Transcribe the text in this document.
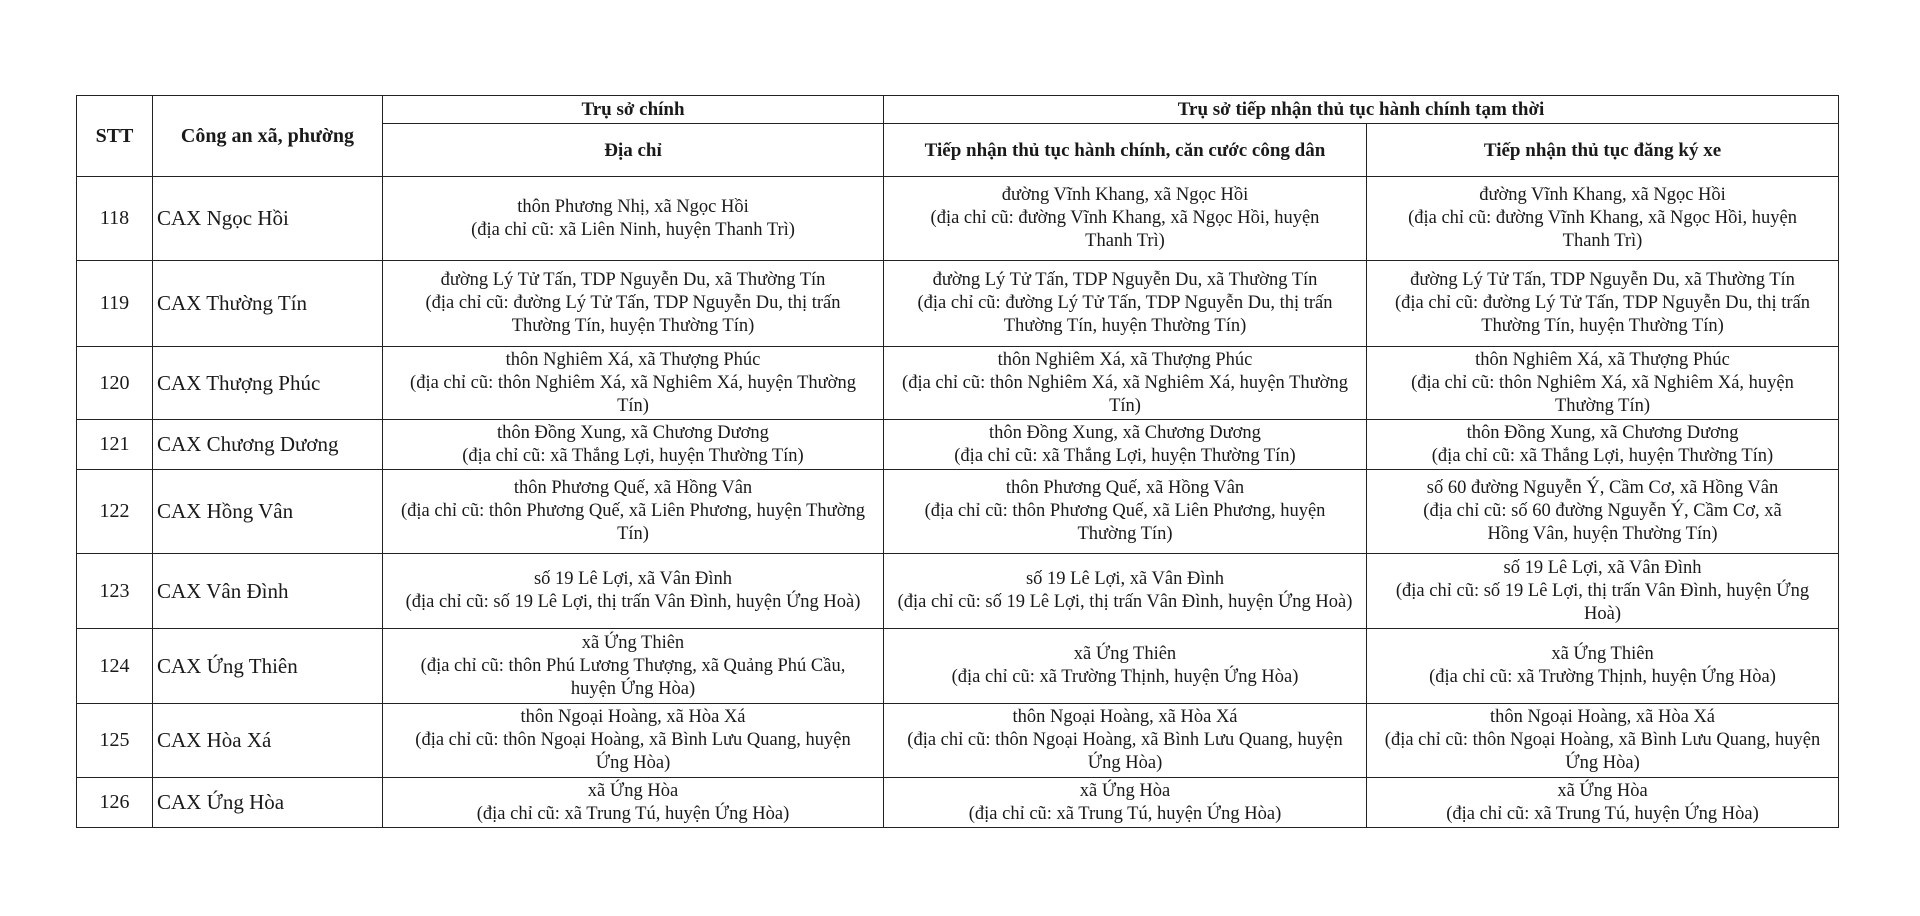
STT	Công an xã, phường	Trụ sở chính	Trụ sở tiếp nhận thủ tục hành chính tạm thời	
		Địa chỉ	Tiếp nhận thủ tục hành chính, căn cước công dân	Tiếp nhận thủ tục đăng ký xe
118	CAX Ngọc Hồi	thôn Phương Nhị, xã Ngọc Hồi
(địa chỉ cũ: xã Liên Ninh, huyện Thanh Trì)	đường Vĩnh Khang, xã Ngọc Hồi
(địa chỉ cũ: đường Vĩnh Khang, xã Ngọc Hồi, huyện
Thanh Trì)	đường Vĩnh Khang, xã Ngọc Hồi
(địa chỉ cũ: đường Vĩnh Khang, xã Ngọc Hồi, huyện
Thanh Trì)

119	CAX Thường Tín	đường Lý Tử Tấn, TDP Nguyễn Du, xã Thường Tín
(địa chỉ cũ: đường Lý Tử Tấn, TDP Nguyễn Du, thị trấn
Thường Tín, huyện Thường Tín)	đường Lý Tử Tấn, TDP Nguyễn Du, xã Thường Tín
(địa chỉ cũ: đường Lý Tử Tấn, TDP Nguyễn Du, thị trấn
Thường Tín, huyện Thường Tín)	đường Lý Tử Tấn, TDP Nguyễn Du, xã Thường Tín
(địa chỉ cũ: đường Lý Tử Tấn, TDP Nguyễn Du, thị trấn
Thường Tín, huyện Thường Tín)

120	CAX Thượng Phúc	thôn Nghiêm Xá, xã Thượng Phúc
(địa chỉ cũ: thôn Nghiêm Xá, xã Nghiêm Xá, huyện Thường
Tín)	thôn Nghiêm Xá, xã Thượng Phúc
(địa chỉ cũ: thôn Nghiêm Xá, xã Nghiêm Xá, huyện Thường
Tín)	thôn Nghiêm Xá, xã Thượng Phúc
(địa chỉ cũ: thôn Nghiêm Xá, xã Nghiêm Xá, huyện
Thường Tín)

121	CAX Chương Dương	thôn Đồng Xung, xã Chương Dương
(địa chỉ cũ: xã Thắng Lợi, huyện Thường Tín)	thôn Đồng Xung, xã Chương Dương
(địa chỉ cũ: xã Thắng Lợi, huyện Thường Tín)	thôn Đồng Xung, xã Chương Dương
(địa chỉ cũ: xã Thắng Lợi, huyện Thường Tín)

122	CAX Hồng Vân	thôn Phương Quế, xã Hồng Vân
(địa chỉ cũ: thôn Phương Quế, xã Liên Phương, huyện Thường
Tín)	thôn Phương Quế, xã Hồng Vân
(địa chỉ cũ: thôn Phương Quế, xã Liên Phương, huyện
Thường Tín)	số 60 đường Nguyễn Ý, Cầm Cơ, xã Hồng Vân
(địa chỉ cũ: số 60 đường Nguyễn Ý, Cầm Cơ, xã
Hồng Vân, huyện Thường Tín)

123	CAX Vân Đình	số 19 Lê Lợi, xã Vân Đình
(địa chỉ cũ: số 19 Lê Lợi, thị trấn Vân Đình, huyện Ứng Hoà)	số 19 Lê Lợi, xã Vân Đình
(địa chỉ cũ: số 19 Lê Lợi, thị trấn Vân Đình, huyện Ứng Hoà)	số 19 Lê Lợi, xã Vân Đình
(địa chỉ cũ: số 19 Lê Lợi, thị trấn Vân Đình, huyện Ứng
Hoà)

124	CAX Ứng Thiên	xã Ứng Thiên
(địa chỉ cũ: thôn Phú Lương Thượng, xã Quảng Phú Cầu,
huyện Ứng Hòa)	xã Ứng Thiên
(địa chỉ cũ: xã Trường Thịnh, huyện Ứng Hòa)	xã Ứng Thiên
(địa chỉ cũ: xã Trường Thịnh, huyện Ứng Hòa)

125	CAX Hòa Xá	thôn Ngoại Hoàng, xã Hòa Xá
(địa chỉ cũ: thôn Ngoại Hoàng, xã Bình Lưu Quang, huyện
Ứng Hòa)	thôn Ngoại Hoàng, xã Hòa Xá
(địa chỉ cũ: thôn Ngoại Hoàng, xã Bình Lưu Quang, huyện
Ứng Hòa)	thôn Ngoại Hoàng, xã Hòa Xá
(địa chỉ cũ: thôn Ngoại Hoàng, xã Bình Lưu Quang, huyện
Ứng Hòa)

126	CAX Ứng Hòa	xã Ứng Hòa
(địa chỉ cũ: xã Trung Tú, huyện Ứng Hòa)	xã Ứng Hòa
(địa chỉ cũ: xã Trung Tú, huyện Ứng Hòa)	xã Ứng Hòa
(địa chỉ cũ: xã Trung Tú, huyện Ứng Hòa)
